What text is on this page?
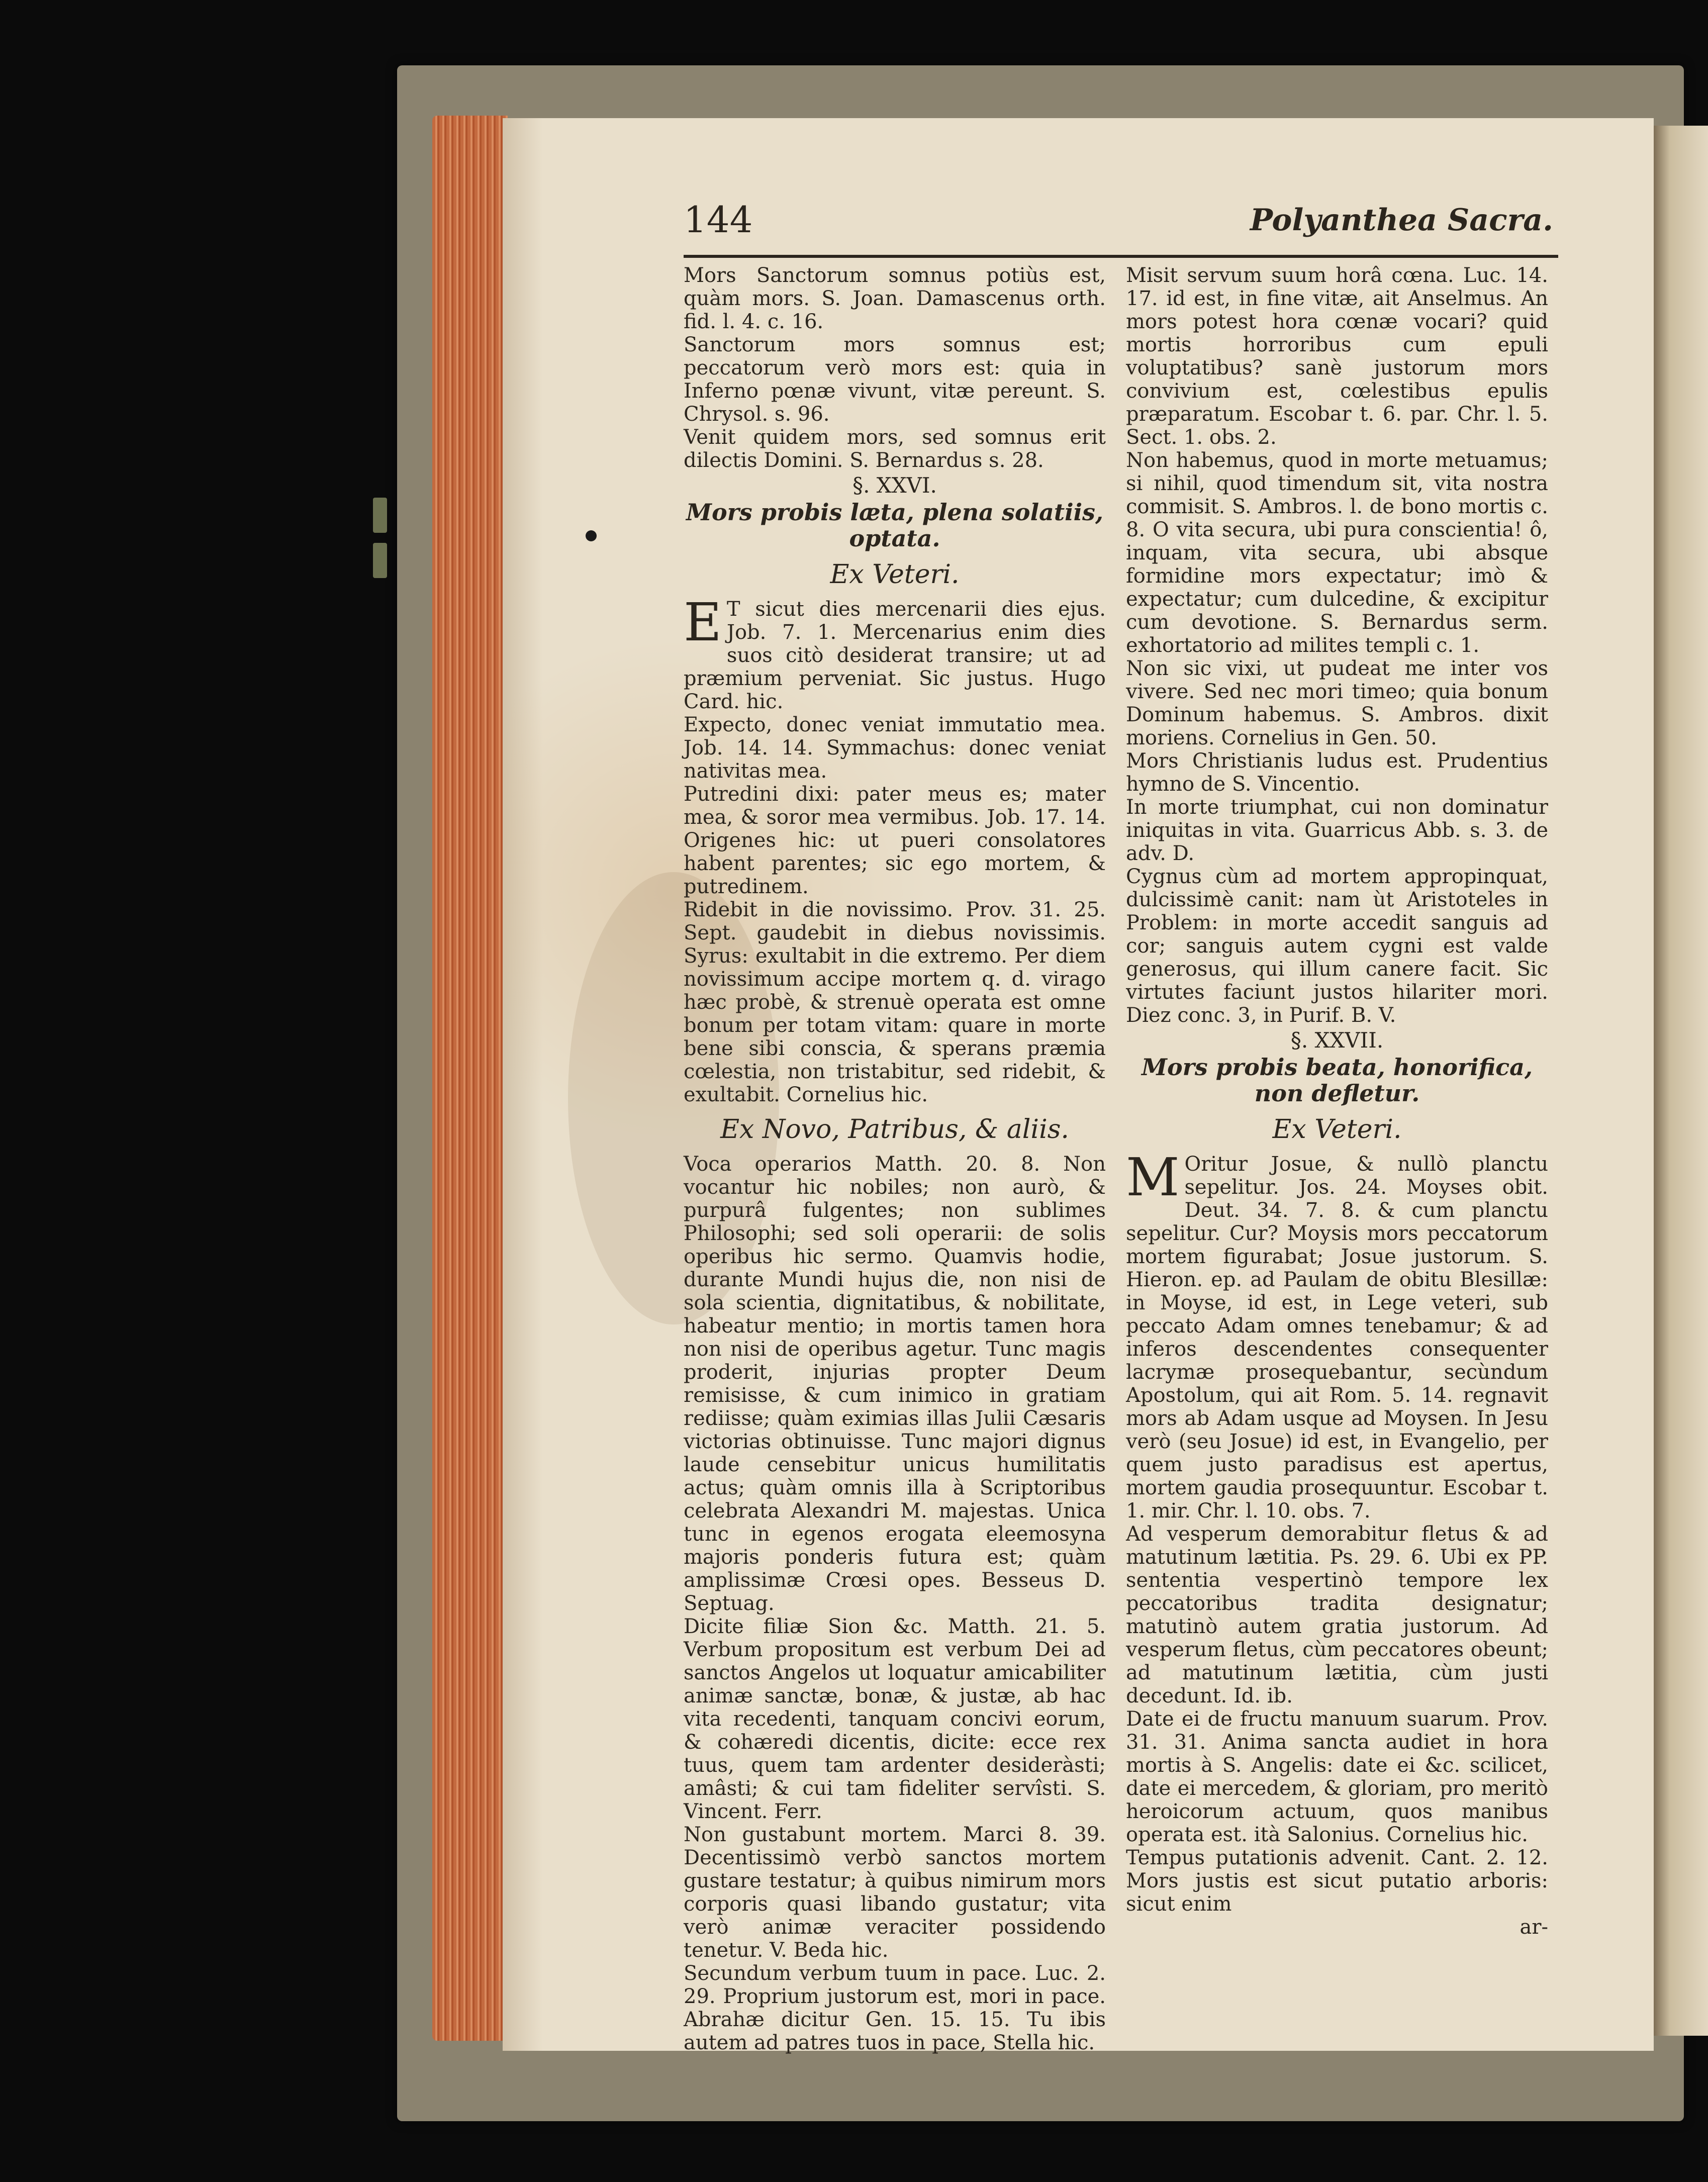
144	Polyanthea Sacra.

Mors Sanctorum somnus potiùs est, quàm mors. S. Joan. Damascenus orth. fid. l. 4. c. 16.

Sanctorum mors somnus est; peccatorum verò mors est: quia in Inferno pœnæ vivunt, vitæ pereunt. S. Chrysol. s. 96.

Venit quidem mors, sed somnus erit dilectis Domini. S. Bernardus s. 28.

§. XXVI.

Mors probis læta, plena solatiis, optata.

Ex Veteri.

E T sicut dies mercenarii dies ejus. Job. 7. 1. Mercenarius enim dies suos citò desiderat transire; ut ad præmium perveniat. Sic justus. Hugo Card. hic.

Expecto, donec veniat immutatio mea. Job. 14. 14. Symmachus: donec veniat nativitas mea.

Putredini dixi: pater meus es; mater mea, & soror mea vermibus. Job. 17. 14. Origenes hic: ut pueri consolatores habent parentes; sic ego mortem, & putredinem.

Ridebit in die novissimo. Prov. 31. 25. Sept. gaudebit in diebus novissimis. Syrus: exultabit in die extremo. Per diem novissimum accipe mortem q. d. virago hæc probè, & strenuè operata est omne bonum per totam vitam: quare in morte bene sibi conscia, & sperans præmia cœlestia, non tristabitur, sed ridebit, & exultabit. Cornelius hic.

Ex Novo, Patribus, & aliis.

Voca operarios Matth. 20. 8. Non vocantur hic nobiles; non aurò, & purpurâ fulgentes; non sublimes Philosophi; sed soli operarii: de solis operibus hic sermo. Quamvis hodie, durante Mundi hujus die, non nisi de sola scientia, dignitatibus, & nobilitate, habeatur mentio; in mortis tamen hora non nisi de operibus agetur. Tunc magis proderit, injurias propter Deum remisisse, & cum inimico in gratiam rediisse; quàm eximias illas Julii Cæsaris victorias obtinuisse. Tunc majori dignus laude censebitur unicus humilitatis actus; quàm omnis illa à Scriptoribus celebrata Alexandri M. majestas. Unica tunc in egenos erogata eleemosyna majoris ponderis futura est; quàm amplissimæ Crœsi opes. Besseus D. Septuag.

Dicite filiæ Sion &c. Matth. 21. 5. Verbum propositum est verbum Dei ad sanctos Angelos ut loquatur amicabiliter animæ sanctæ, bonæ, & justæ, ab hac vita recedenti, tanquam concivi eorum, & cohæredi dicentis, dicite: ecce rex tuus, quem tam ardenter desideràsti; amâsti; & cui tam fideliter servîsti. S. Vincent. Ferr.

Non gustabunt mortem. Marci 8. 39. Decentissimò verbò sanctos mortem gustare testatur; à quibus nimirum mors corporis quasi libando gustatur; vita verò animæ veraciter possidendo tenetur. V. Beda hic.

Secundum verbum tuum in pace. Luc. 2. 29. Proprium justorum est, mori in pace. Abrahæ dicitur Gen. 15. 15. Tu ibis autem ad patres tuos in pace, Stella hic.

Misit servum suum horâ cœna. Luc. 14. 17. id est, in fine vitæ, ait Anselmus. An mors potest hora cœnæ vocari? quid mortis horroribus cum epuli voluptatibus? sanè justorum mors convivium est, cœlestibus epulis præparatum. Escobar t. 6. par. Chr. l. 5. Sect. 1. obs. 2.

Non habemus, quod in morte metuamus; si nihil, quod timendum sit, vita nostra commisit. S. Ambros. l. de bono mortis c. 8. O vita secura, ubi pura conscientia! ô, inquam, vita secura, ubi absque formidine mors expectatur; imò & expectatur; cum dulcedine, & excipitur cum devotione. S. Bernardus serm. exhortatorio ad milites templi c. 1.

Non sic vixi, ut pudeat me inter vos vivere. Sed nec mori timeo; quia bonum Dominum habemus. S. Ambros. dixit moriens. Cornelius in Gen. 50.

Mors Christianis ludus est. Prudentius hymno de S. Vincentio.

In morte triumphat, cui non dominatur iniquitas in vita. Guarricus Abb. s. 3. de adv. D.

Cygnus cùm ad mortem appropinquat, dulcissimè canit: nam ùt Aristoteles in Problem: in morte accedit sanguis ad cor; sanguis autem cygni est valde generosus, qui illum canere facit. Sic virtutes faciunt justos hilariter mori. Diez conc. 3, in Purif. B. V.

§. XXVII.

Mors probis beata, honorifica, non defletur.

Ex Veteri.

M Oritur Josue, & nullò planctu sepelitur. Jos. 24. Moyses obit. Deut. 34. 7. 8. & cum planctu sepelitur. Cur? Moysis mors peccatorum mortem figurabat; Josue justorum. S. Hieron. ep. ad Paulam de obitu Blesillæ: in Moyse, id est, in Lege veteri, sub peccato Adam omnes tenebamur; & ad inferos descendentes consequenter lacrymæ prosequebantur, secùndum Apostolum, qui ait Rom. 5. 14. regnavit mors ab Adam usque ad Moysen. In Jesu verò (seu Josue) id est, in Evangelio, per quem justo paradisus est apertus, mortem gaudia prosequuntur. Escobar t. 1. mir. Chr. l. 10. obs. 7.

Ad vesperum demorabitur fletus & ad matutinum lætitia. Ps. 29. 6. Ubi ex PP. sententia vespertinò tempore lex peccatoribus tradita designatur; matutinò autem gratia justorum. Ad vesperum fletus, cùm peccatores obeunt; ad matutinum lætitia, cùm justi decedunt. Id. ib.

Date ei de fructu manuum suarum. Prov. 31. 31. Anima sancta audiet in hora mortis à S. Angelis: date ei &c. scilicet, date ei mercedem, & gloriam, pro meritò heroicorum actuum, quos manibus operata est. ità Salonius. Cornelius hic.

Tempus putationis advenit. Cant. 2. 12. Mors justis est sicut putatio arboris: sicut enim

ar-
